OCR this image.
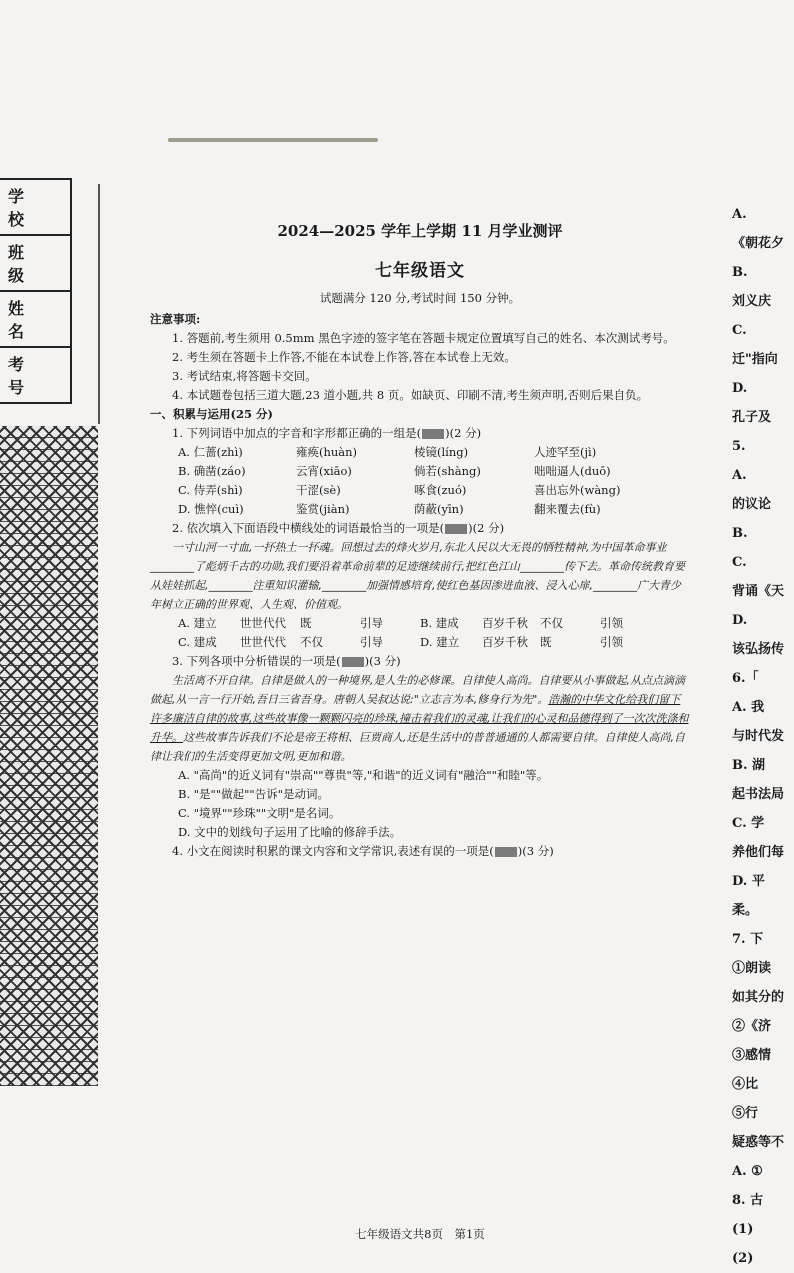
学 校
班 级
姓 名
考 号
2024—2025 学年上学期 11 月学业测评
七年级语文
试题满分 120 分,考试时间 150 分钟。

注意事项:

1. 答题前,考生须用 0.5mm 黑色字迹的签字笔在答题卡规定位置填写自己的姓名、本次测试考号。

2. 考生须在答题卡上作答,不能在本试卷上作答,答在本试卷上无效。

3. 考试结束,将答题卡交回。

4. 本试题卷包括三道大题,23 道小题,共 8 页。如缺页、印刷不清,考生须声明,否则后果自负。

一、积累与运用(25 分)

1. 下列词语中加点的字音和字形都正确的一组是( )(2 分)

A. 仁蔷(zhì)	雍痪(huàn)	棱镜(líng)	人迹罕至(jì)
B. 确凿(záo)	云宵(xiāo)	倘若(shàng)	咄咄逼人(duō)
C. 侍弄(shì)	干涩(sè)	啄食(zuó)	喜出忘外(wàng)
D. 憔悴(cuì)	鉴赏(jiàn)	荫蔽(yīn)	翻来覆去(fù)

2. 依次填入下面语段中横线处的词语最恰当的一项是( )(2 分)

一寸山河一寸血,一抔热土一抔魂。回想过去的烽火岁月,东北人民以大无畏的牺牲精神,为中国革命事业________了彪炳千古的功勋,我们要沿着革命前辈的足迹继续前行,把红色江山________传下去。革命传统教育要从娃娃抓起,________注重知识灌输,________加强情感培育,使红色基因渗进血液、浸入心扉,________广大青少年树立正确的世界观、人生观、价值观。

A. 建立	世世代代	既	引导	B. 建成	百岁千秋	不仅	引领
C. 建成	世世代代	不仅	引导	D. 建立	百岁千秋	既	引领

3. 下列各项中分析错误的一项是( )(3 分)

生活离不开自律。自律是做人的一种境界,是人生的必修课。自律使人高尚。自律要从小事做起,从点点滴滴做起,从一言一行开始,吾日三省吾身。唐朝人吴叔达说:"立志言为本,修身行为先"。浩瀚的中华文化给我们留下许多廉洁自律的故事,这些故事像一颗颗闪亮的珍珠,撞击着我们的灵魂,让我们的心灵和品德得到了一次次洗涤和升华。这些故事告诉我们不论是帝王将相、巨贾商人,还是生活中的普普通通的人都需要自律。自律使人高尚,自律让我们的生活变得更加文明,更加和谐。

A. "高尚"的近义词有"崇高""尊贵"等,"和谐"的近义词有"融洽""和睦"等。

B. "是""做起""告诉"是动词。

C. "境界""珍珠""文明"是名词。

D. 文中的划线句子运用了比喻的修辞手法。

4. 小文在阅读时积累的课文内容和文学常识,表述有误的一项是( )(3 分)

七年级语文共8页　第1页
A.
《朝花夕
B.
刘义庆
C.
迁"指向
D.
孔子及
5.
A.
的议论
B.
C.
背诵《天
D.
该弘扬传
6.「
A. 我
与时代发
B. 湖
起书法局
C. 学
养他们每
D. 平
柔。
7. 下
①朗读
如其分的
②《济
③感情
④比
⑤行
疑惑等不
A. ①
8. 古
(1)
(2)
